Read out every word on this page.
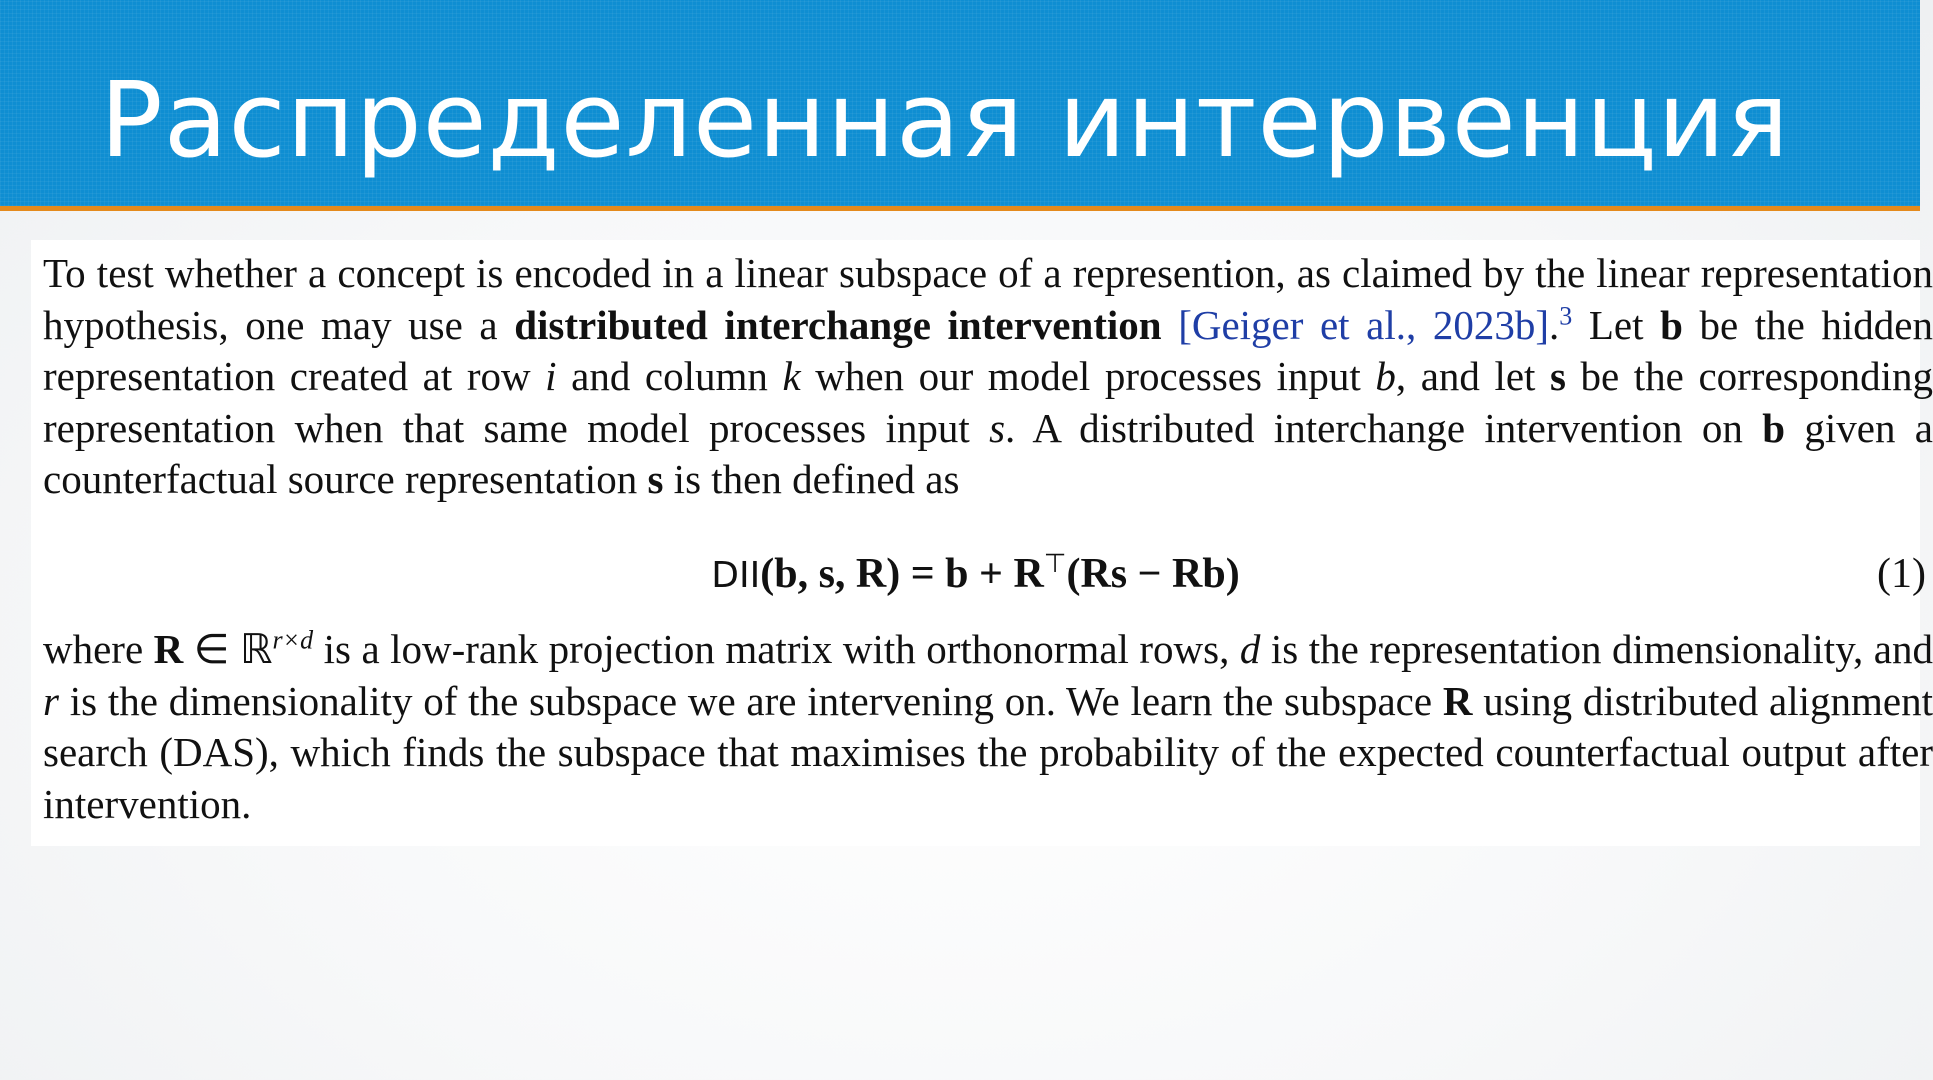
Распределенная интервенция

To test whether a concept is encoded in a linear subspace of a represention, as claimed by the linear representation hypothesis, one may use a distributed interchange intervention [Geiger et al., 2023b].$^3$ Let b be the hidden representation created at row i and column k when our model processes input b, and let s be the corresponding representation when that same model processes input s. A distributed interchange intervention on b given a counterfactual source representation s is then defined as

DII(b, s, R) = b + R⊤(Rs − Rb)	(1)

where R ∈ ℝ$^{r\times d}$ is a low-rank projection matrix with orthonormal rows, d is the representation dimensionality, and r is the dimensionality of the subspace we are intervening on. We learn the subspace R using distributed alignment search (DAS), which finds the subspace that maximises the probability of the expected counterfactual output after intervention.
